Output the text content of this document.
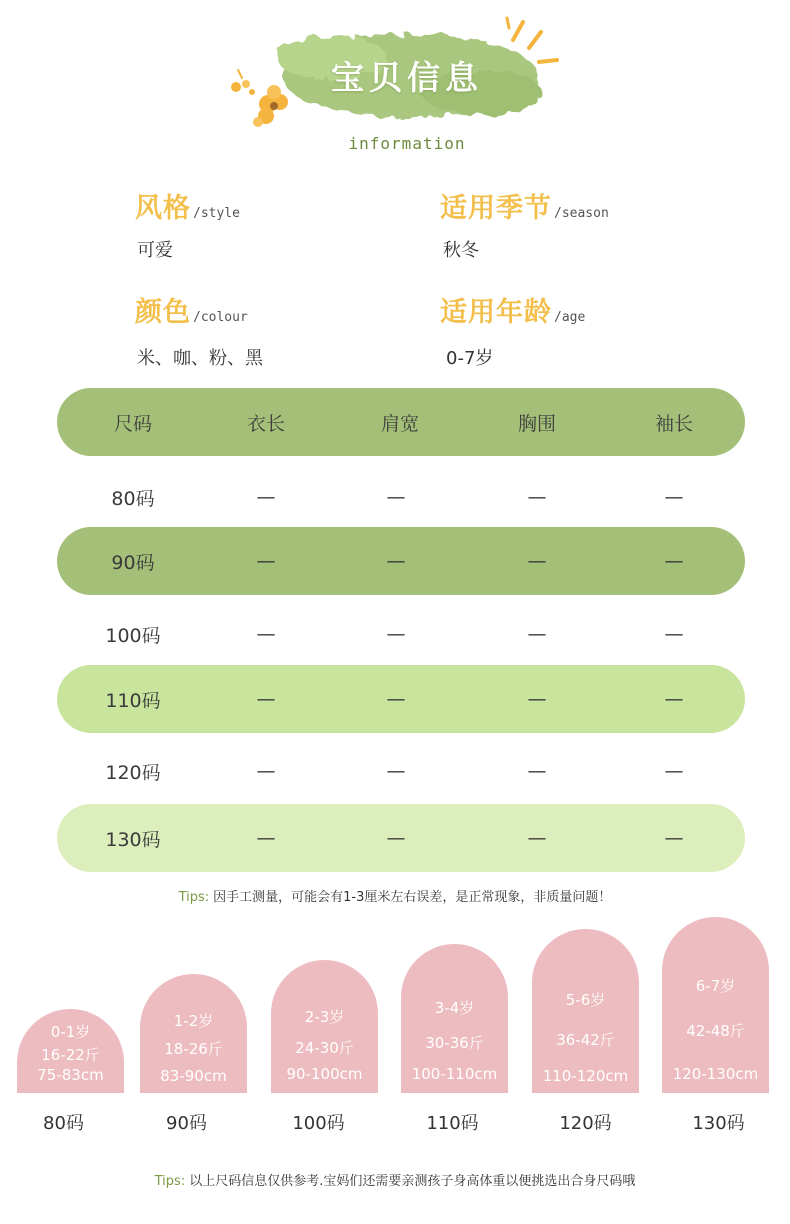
宝贝信息
information
风格 /style
可爱
适用季节 /season
秋冬
颜色 /colour
米、咖、粉、黑
适用年龄 /age
0-7岁
尺码	衣长	肩宽	胸围	袖长
80码	—	—	—	—
90码	—	—	—	—
100码	—	—	—	—
110码	—	—	—	—
120码	—	—	—	—
130码	—	—	—	—
Tips: 因手工测量，可能会有1-3厘米左右误差，是正常现象，非质量问题！
0-1岁
16-22斤
75-83cm
1-2岁
18-26斤
83-90cm
2-3岁
24-30斤
90-100cm
3-4岁
30-36斤
100-110cm
5-6岁
36-42斤
110-120cm
6-7岁
42-48斤
120-130cm
80码	90码	100码	110码	120码	130码
Tips: 以上尺码信息仅供参考.宝妈们还需要亲测孩子身高体重以便挑选出合身尺码哦
